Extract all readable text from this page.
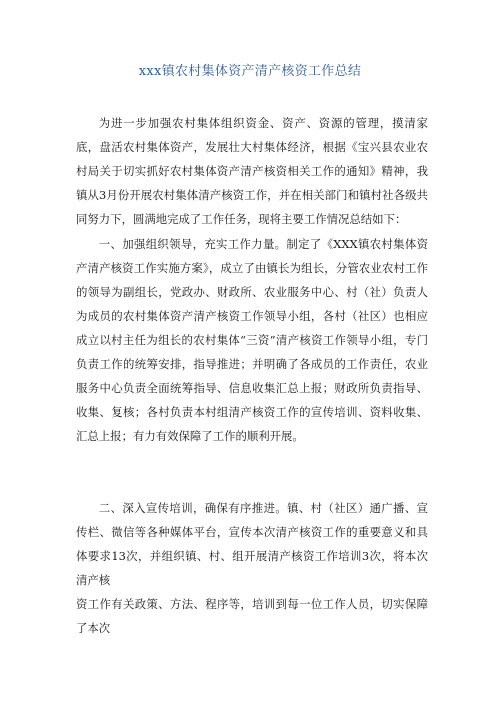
xxx镇农村集体资产清产核资工作总结

为进一步加强农村集体组织资金、资产、资源的管理，摸清家底，盘活农村集体资产，发展壮大村集体经济，根据《宝兴县农业农村局关于切实抓好农村集体资产清产核资相关工作的通知》精神，我镇从3月份开展农村集体清产核资工作，并在相关部门和镇村社各级共同努力下，圆满地完成了工作任务，现将主要工作情况总结如下：

一、加强组织领导，充实工作力量。制定了《XXX镇农村集体资产清产核资工作实施方案》，成立了由镇长为组长，分管农业农村工作的领导为副组长，党政办、财政所、农业服务中心、村（社）负责人为成员的农村集体资产清产核资工作领导小组，各村（社区）也相应成立以村主任为组长的农村集体“三资”清产核资工作领导小组，专门负责工作的统筹安排，指导推进；并明确了各成员的工作责任，农业服务中心负责全面统筹指导、信息收集汇总上报；财政所负责指导、收集、复核；各村负责本村组清产核资工作的宣传培训、资料收集、汇总上报；有力有效保障了工作的顺利开展。

二、深入宣传培训，确保有序推进。镇、村（社区）通广播、宣传栏、微信等各种媒体平台，宣传本次清产核资工作的重要意义和具体要求13次，并组织镇、村、组开展清产核资工作培训3次，将本次清产核

资工作有关政策、方法、程序等，培训到每一位工作人员，切实保障了本次
